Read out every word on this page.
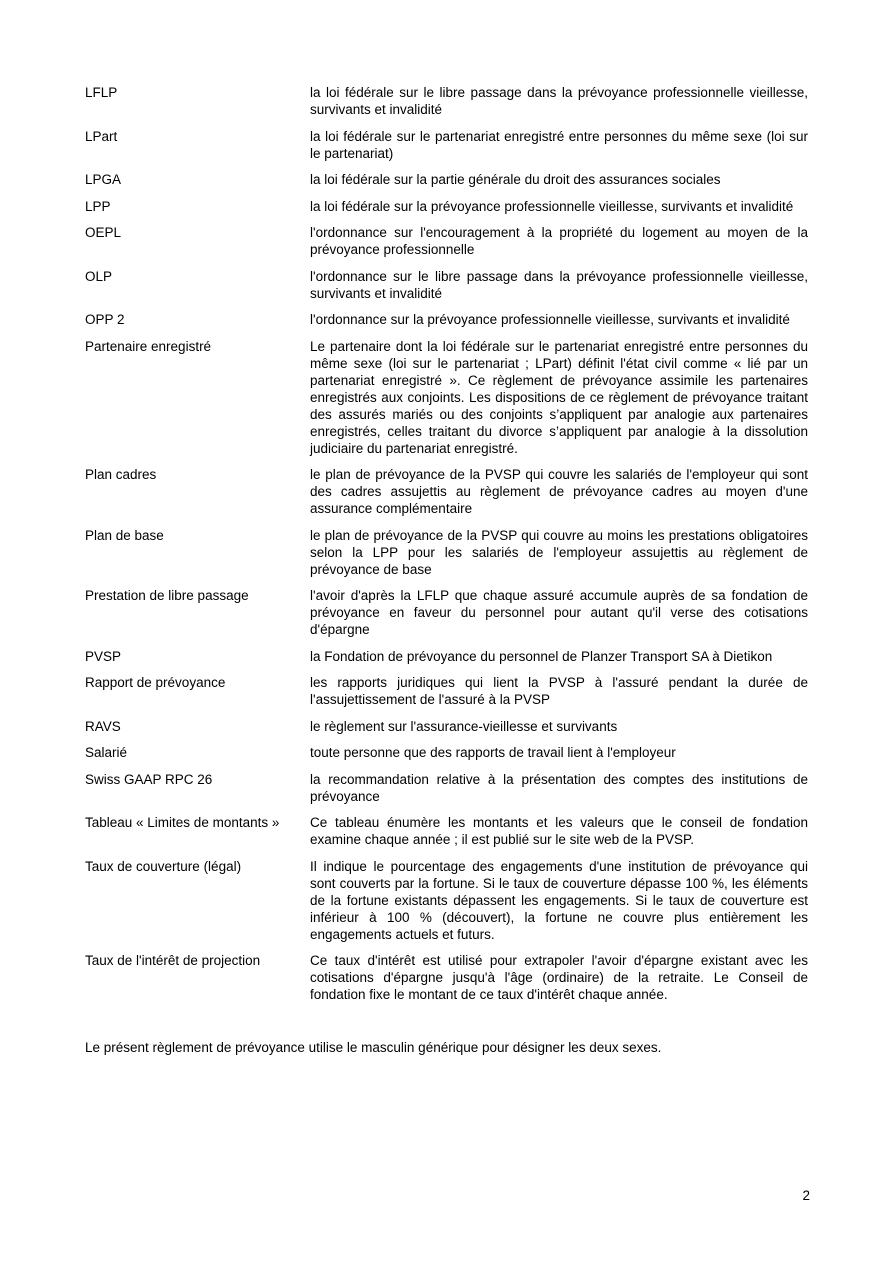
LFLP	la loi fédérale sur le libre passage dans la prévoyance professionnelle vieillesse, survivants et invalidité
LPart	la loi fédérale sur le partenariat enregistré entre personnes du même sexe (loi sur le partenariat)
LPGA	la loi fédérale sur la partie générale du droit des assurances sociales
LPP	la loi fédérale sur la prévoyance professionnelle vieillesse, survivants et invalidité
OEPL	l'ordonnance sur l'encouragement à la propriété du logement au moyen de la prévoyance professionnelle
OLP	l'ordonnance sur le libre passage dans la prévoyance professionnelle vieillesse, survivants et invalidité
OPP 2	l'ordonnance sur la prévoyance professionnelle vieillesse, survivants et invalidité
Partenaire enregistré	Le partenaire dont la loi fédérale sur le partenariat enregistré entre personnes du même sexe (loi sur le partenariat ; LPart) définit l'état civil comme « lié par un partenariat enregistré ». Ce règlement de prévoyance assimile les partenaires enregistrés aux conjoints. Les dispositions de ce règlement de prévoyance traitant des assurés mariés ou des conjoints s’appliquent par analogie aux partenaires enregistrés, celles traitant du divorce s’appliquent par analogie à la dissolution judiciaire du partenariat enregistré.
Plan cadres	le plan de prévoyance de la PVSP qui couvre les salariés de l'employeur qui sont des cadres assujettis au règlement de prévoyance cadres au moyen d'une assurance complémentaire
Plan de base	le plan de prévoyance de la PVSP qui couvre au moins les prestations obligatoires selon la LPP pour les salariés de l'employeur assujettis au règlement de prévoyance de base
Prestation de libre passage	l'avoir d'après la LFLP que chaque assuré accumule auprès de sa fondation de prévoyance en faveur du personnel pour autant qu'il verse des cotisations d'épargne
PVSP	la Fondation de prévoyance du personnel de Planzer Transport SA à Dietikon
Rapport de prévoyance	les rapports juridiques qui lient la PVSP à l'assuré pendant la durée de l'assujettissement de l'assuré à la PVSP
RAVS	le règlement sur l'assurance-vieillesse et survivants
Salarié	toute personne que des rapports de travail lient à l'employeur
Swiss GAAP RPC 26	la recommandation relative à la présentation des comptes des institutions de prévoyance
Tableau « Limites de montants »	Ce tableau énumère les montants et les valeurs que le conseil de fondation examine chaque année ; il est publié sur le site web de la PVSP.
Taux de couverture (légal)	Il indique le pourcentage des engagements d'une institution de prévoyance qui sont couverts par la fortune. Si le taux de couverture dépasse 100 %, les éléments de la fortune existants dépassent les engagements. Si le taux de couverture est inférieur à 100 % (découvert), la fortune ne couvre plus entièrement les engagements actuels et futurs.
Taux de l'intérêt de projection	Ce taux d'intérêt est utilisé pour extrapoler l'avoir d'épargne existant avec les cotisations d'épargne jusqu'à l'âge (ordinaire) de la retraite. Le Conseil de fondation fixe le montant de ce taux d'intérêt chaque année.

Le présent règlement de prévoyance utilise le masculin générique pour désigner les deux sexes.

2
